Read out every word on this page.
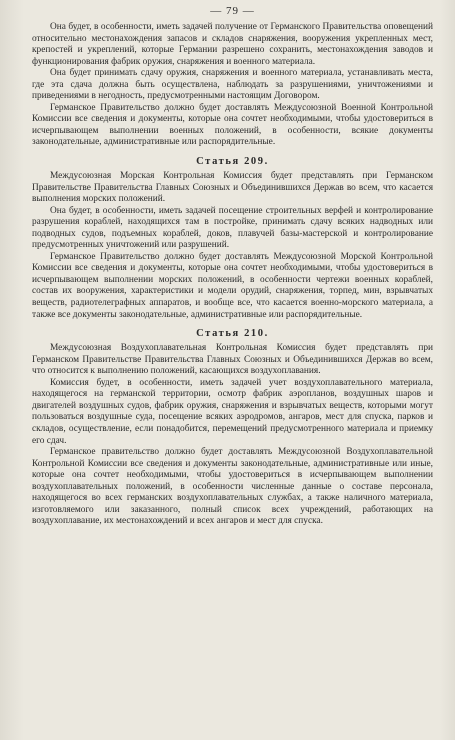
— 79 —

Она будет, в особенности, иметь задачей получение от Германского Правительства оповещений относительно местонахождения запасов и складов снаряжения, вооружения укрепленных мест, крепостей и укреплений, которые Германии разрешено сохранить, местонахождения заводов и функционирования фабрик оружия, снаряжения и военного материала.

Она будет принимать сдачу оружия, снаряжения и военного материала, устанавливать места, где эта сдача должна быть осуществлена, наблюдать за разрушениями, уничтожениями и приведениями в негодность, предусмотренными настоящим Договором.

Германское Правительство должно будет доставлять Междусоюзной Военной Контрольной Комиссии все сведения и документы, которые она сочтет необходимыми, чтобы удостовериться в исчерпывающем выполнении военных положений, в особенности, всякие документы законодательные, административные или распорядительные.

Статья 209.

Междусоюзная Морская Контрольная Комиссия будет представлять при Германском Правительстве Правительства Главных Союзных и Объединившихся Держав во всем, что касается выполнения морских положений.

Она будет, в особенности, иметь задачей посещение строительных верфей и контролирование разрушения кораблей, находящихся там в постройке, принимать сдачу всяких надводных или подводных судов, подъемных кораблей, доков, плавучей базы-мастерской и контролирование предусмотренных уничтожений или разрушений.

Германское Правительство должно будет доставлять Междусоюзной Морской Контрольной Комиссии все сведения и документы, которые она сочтет необходимыми, чтобы удостовериться в исчерпывающем выполнении морских положений, в особенности чертежи военных кораблей, состав их вооружения, характеристики и модели орудий, снаряжения, торпед, мин, взрывчатых веществ, радиотелеграфных аппаратов, и вообще все, что касается военно-морского материала, а также все документы законодательные, административные или распорядительные.

Статья 210.

Междусоюзная Воздухоплавательная Контрольная Комиссия будет представлять при Германском Правительстве Правительства Главных Союзных и Объединившихся Держав во всем, что относится к выполнению положений, касающихся воздухоплавания.

Комиссия будет, в особенности, иметь задачей учет воздухоплавательного материала, находящегося на германской территории, осмотр фабрик аэропланов, воздушных шаров и двигателей воздушных судов, фабрик оружия, снаряжения и взрывчатых веществ, которыми могут пользоваться воздушные суда, посещение всяких аэродромов, ангаров, мест для спуска, парков и складов, осуществление, если понадобится, перемещений предусмотренного материала и приемку его сдач.

Германское правительство должно будет доставлять Междусоюзной Воздухоплавательной Контрольной Комиссии все сведения и документы законодательные, административные или иные, которые она сочтет необходимыми, чтобы удостовериться в исчерпывающем выполнении воздухоплавательных положений, в особенности численные данные о составе персонала, находящегося во всех германских воздухоплавательных службах, а также наличного материала, изготовляемого или заказанного, полный список всех учреждений, работающих на воздухоплавание, их местонахождений и всех ангаров и мест для спуска.
